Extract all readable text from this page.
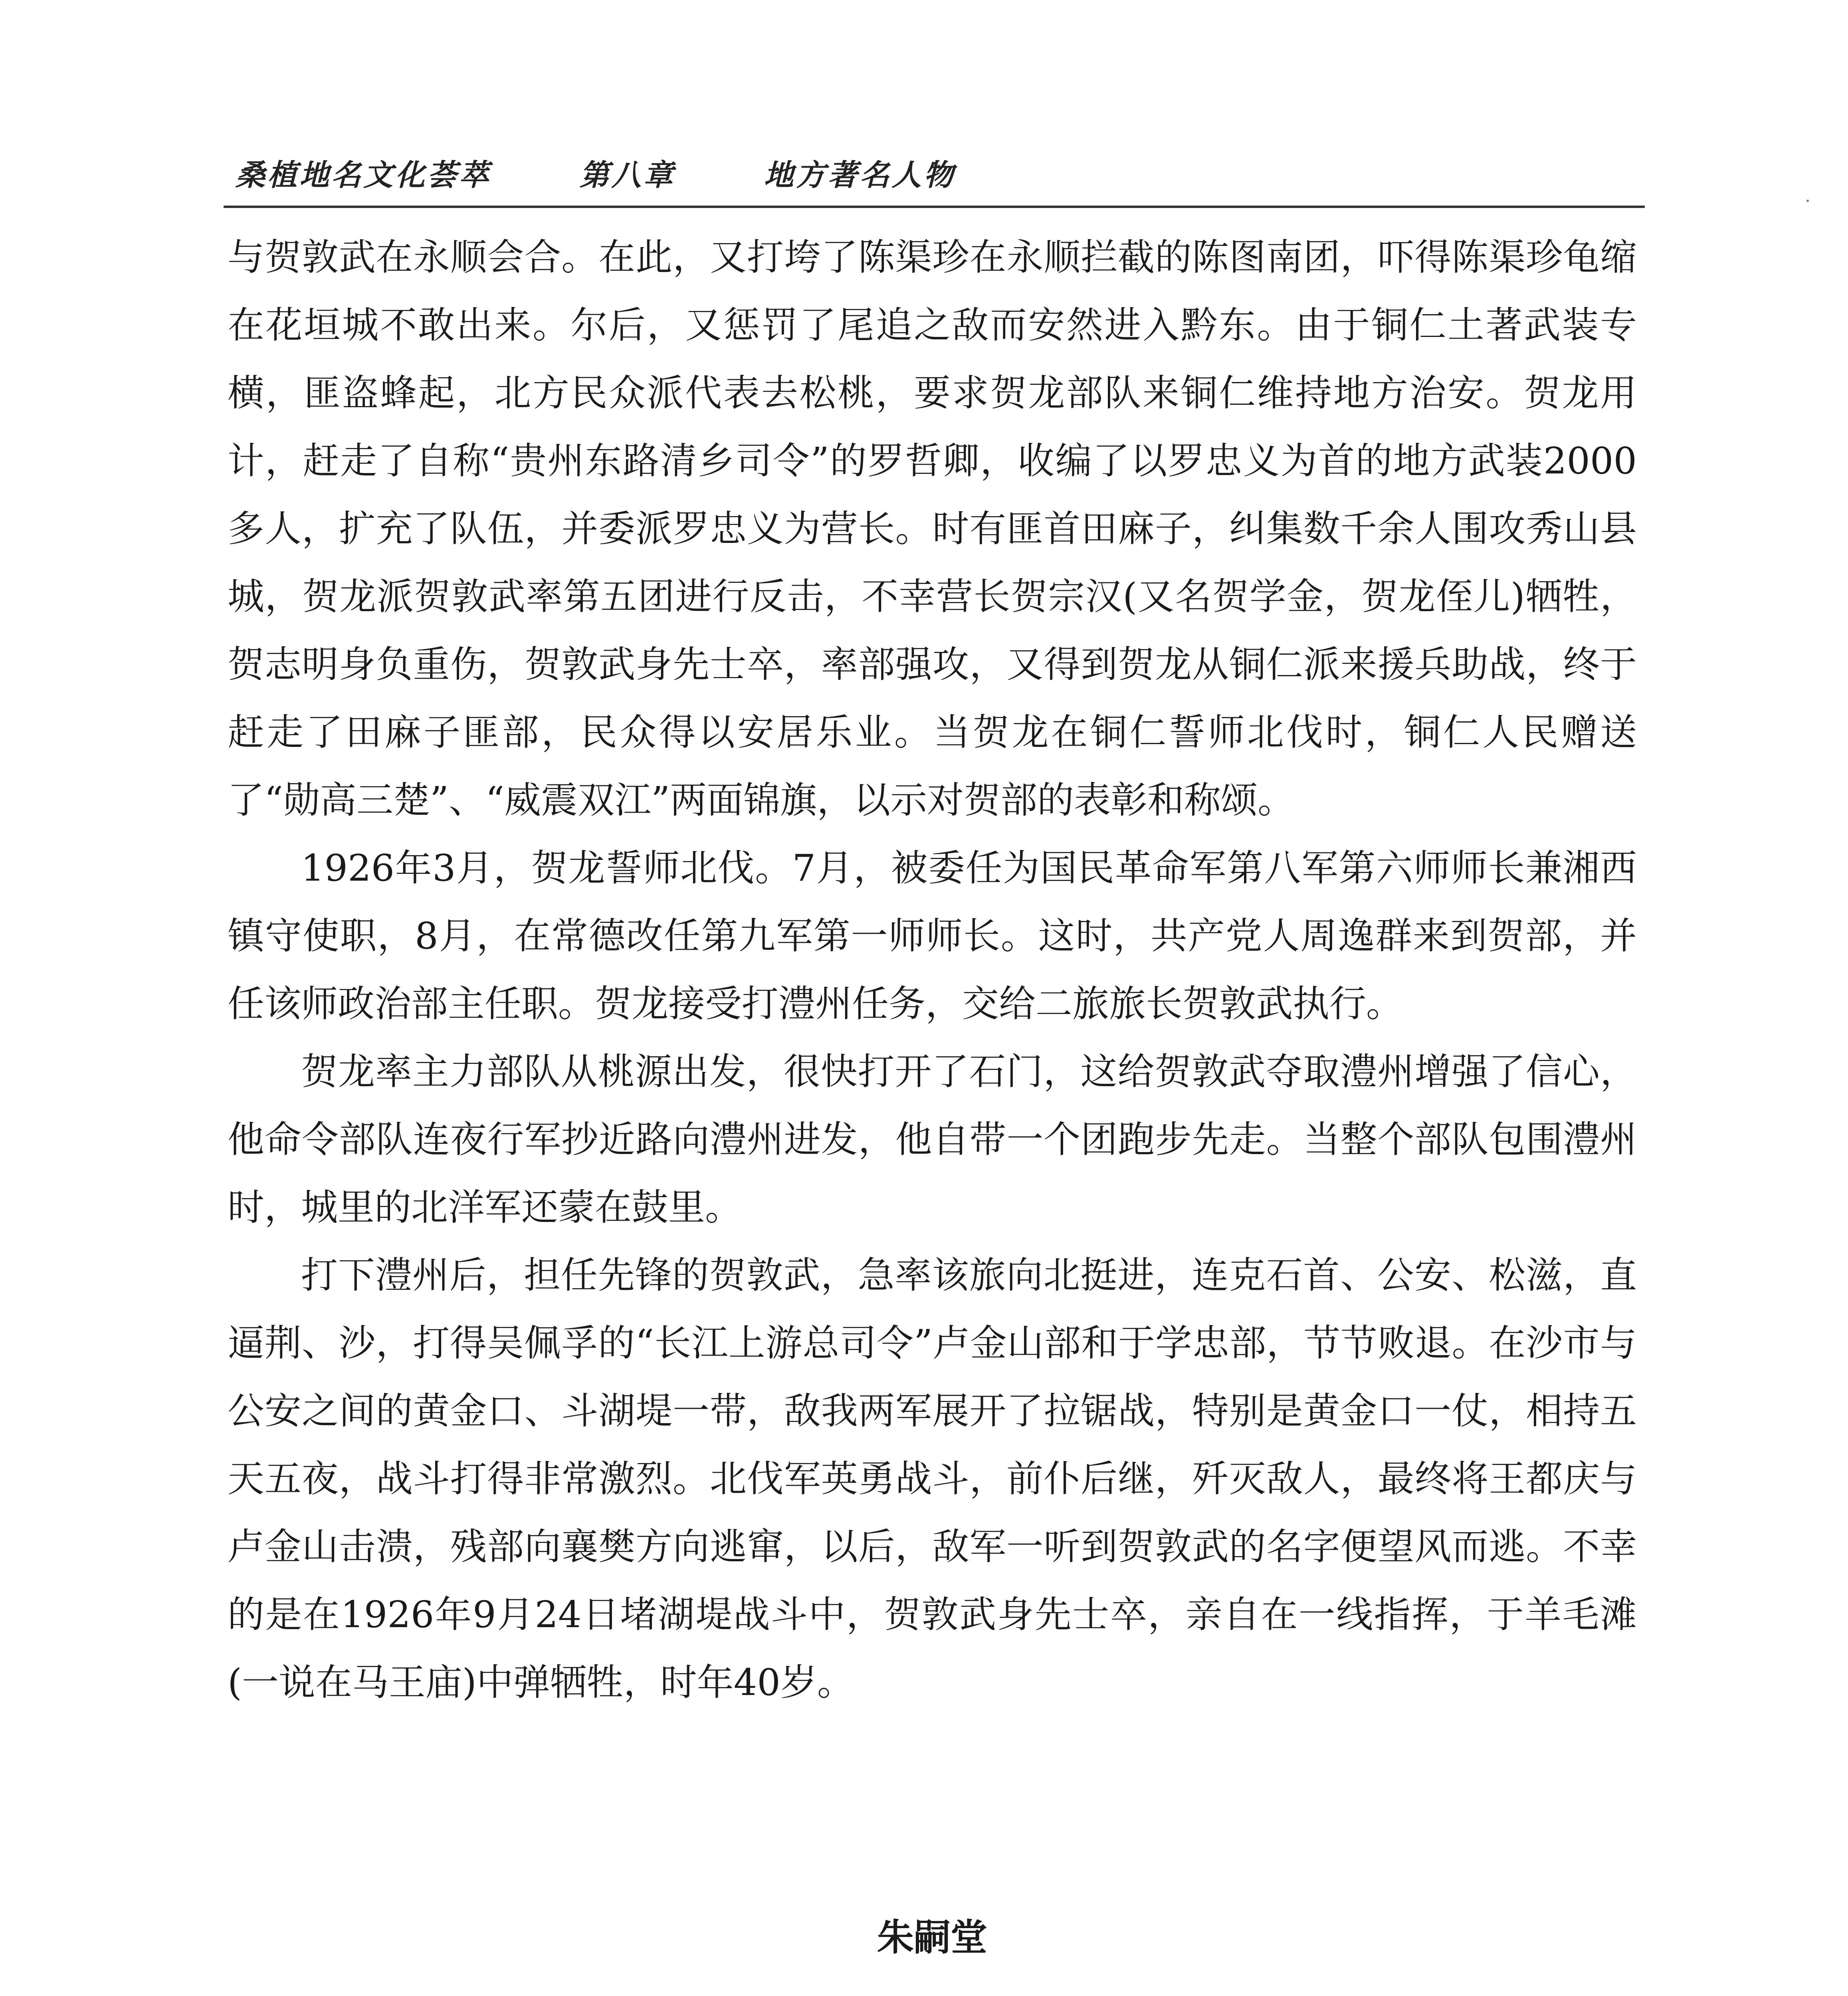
桑植地名文化荟萃	第八章	地方著名人物

与贺敦武在永顺会合。在此，又打垮了陈渠珍在永顺拦截的陈图南团，吓得陈渠珍龟缩在花垣城不敢出来。尔后，又惩罚了尾追之敌而安然进入黔东。由于铜仁土著武装专横，匪盗蜂起，北方民众派代表去松桃，要求贺龙部队来铜仁维持地方治安。贺龙用计，赶走了自称“贵州东路清乡司令”的罗哲卿，收编了以罗忠义为首的地方武装2000多人，扩充了队伍，并委派罗忠义为营长。时有匪首田麻子，纠集数千余人围攻秀山县城，贺龙派贺敦武率第五团进行反击，不幸营长贺宗汉(又名贺学金，贺龙侄儿)牺牲，贺志明身负重伤，贺敦武身先士卒，率部强攻，又得到贺龙从铜仁派来援兵助战，终于赶走了田麻子匪部，民众得以安居乐业。当贺龙在铜仁誓师北伐时，铜仁人民赠送了“勋高三楚”、“威震双江”两面锦旗，以示对贺部的表彰和称颂。

1926年3月，贺龙誓师北伐。7月，被委任为国民革命军第八军第六师师长兼湘西镇守使职，8月，在常德改任第九军第一师师长。这时，共产党人周逸群来到贺部，并任该师政治部主任职。贺龙接受打澧州任务，交给二旅旅长贺敦武执行。

贺龙率主力部队从桃源出发，很快打开了石门，这给贺敦武夺取澧州增强了信心，他命令部队连夜行军抄近路向澧州进发，他自带一个团跑步先走。当整个部队包围澧州时，城里的北洋军还蒙在鼓里。

打下澧州后，担任先锋的贺敦武，急率该旅向北挺进，连克石首、公安、松滋，直逼荆、沙，打得吴佩孚的“长江上游总司令”卢金山部和于学忠部，节节败退。在沙市与公安之间的黄金口、斗湖堤一带，敌我两军展开了拉锯战，特别是黄金口一仗，相持五天五夜，战斗打得非常激烈。北伐军英勇战斗，前仆后继，歼灭敌人，最终将王都庆与卢金山击溃，残部向襄樊方向逃窜，以后，敌军一听到贺敦武的名字便望风而逃。不幸的是在1926年9月24日堵湖堤战斗中，贺敦武身先士卒，亲自在一线指挥，于羊毛滩(一说在马王庙)中弹牺牲，时年40岁。

朱嗣堂
